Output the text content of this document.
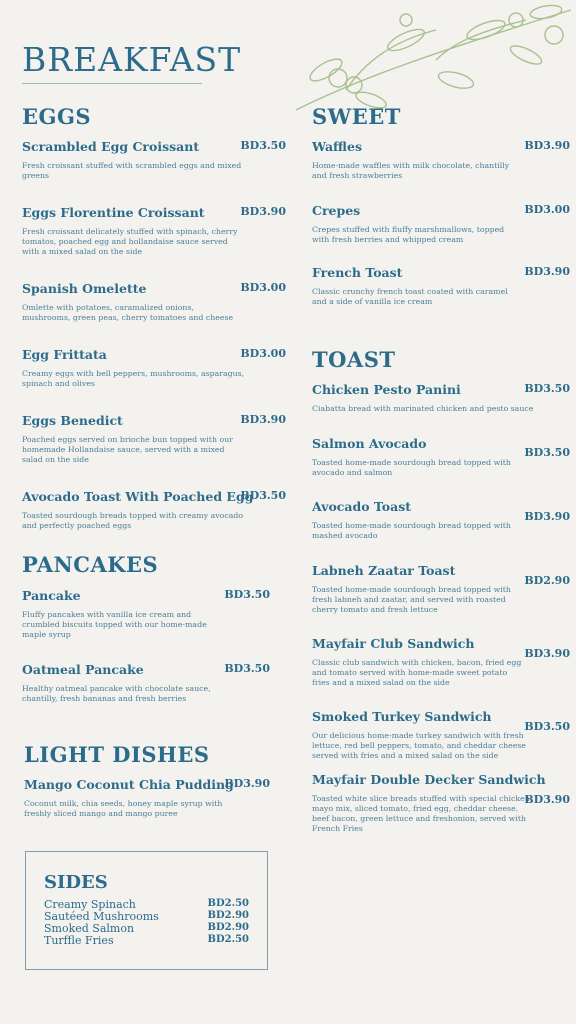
BREAKFAST
EGGS
Scrambled Egg Croissant	BD3.50
Fresh croissant stuffed with scrambled eggs and mixed
greens
Eggs Florentine Croissant	BD3.90
Fresh croissant delicately stuffed with spinach, cherry
tomatos, poached egg and hollandaise sauce served
with a mixed salad on the side
Spanish Omelette	BD3.00
Omlette with potatoes, caramalized onions,
mushrooms, green peas, cherry tomatoes and cheese
Egg Frittata	BD3.00
Creamy eggs with bell peppers, mushrooms, asparagus,
spinach and olives
Eggs Benedict	BD3.90
Poached eggs served on brioche bun topped with our
homemade Hollandaise sauce, served with a mixed
salad on the side
Avocado Toast With Poached Egg
BD3.50
Toasted sourdough breads topped with creamy avocado
and perfectly poached eggs
PANCAKES
Pancake	BD3.50
Fluffy pancakes with vanilla ice cream and
crumbled biscuits topped with our home-made
maple syrup
Oatmeal Pancake	BD3.50
Healthy oatmeal pancake with chocolate sauce,
chantilly, fresh bananas and fresh berries
LIGHT DISHES
Mango Coconut Chia Pudding
BD3.90
Coconut milk, chia seeds, honey maple syrup with
freshly sliced mango and mango puree
SIDES
Creamy Spinach	BD2.50
Sautéed Mushrooms	BD2.90
Smoked Salmon	BD2.90
Turffle Fries	BD2.50
SWEET
Waffles	BD3.90
Home-made waffles with milk chocolate, chantilly
and fresh strawberries
Crepes	BD3.00
Crepes stuffed with fluffy marshmallows, topped
with fresh berries and whipped cream
French Toast	BD3.90
Classic crunchy french toast coated with caramel
and a side of vanilla ice cream
TOAST
Chicken Pesto Panini	BD3.50
Ciabatta bread with marinated chicken and pesto sauce
Salmon Avocado
BD3.50
Toasted home-made sourdough bread topped with
avocado and salmon
Avocado Toast
BD3.90
Toasted home-made sourdough bread topped with
mashed avocado
Labneh Zaatar Toast
BD2.90
Toasted home-made sourdough bread topped with
fresh labneh and zaatar, and served with roasted
cherry tomato and fresh lettuce
Mayfair Club Sandwich
BD3.90
Classic club sandwich with chicken, bacon, fried egg
and tomato served with home-made sweet potato
fries and a mixed salad on the side
Smoked Turkey Sandwich
BD3.50
Our delicious home-made turkey sandwich with fresh
lettuce, red bell peppers, tomato, and cheddar cheese
served with fries and a mixed salad on the side
Mayfair Double Decker Sandwich
BD3.90
Toasted white slice breads stuffed with special chicken
mayo mix, sliced tomato, fried egg, cheddar cheese,
beef bacon, green lettuce and freshonion, served with
French Fries
